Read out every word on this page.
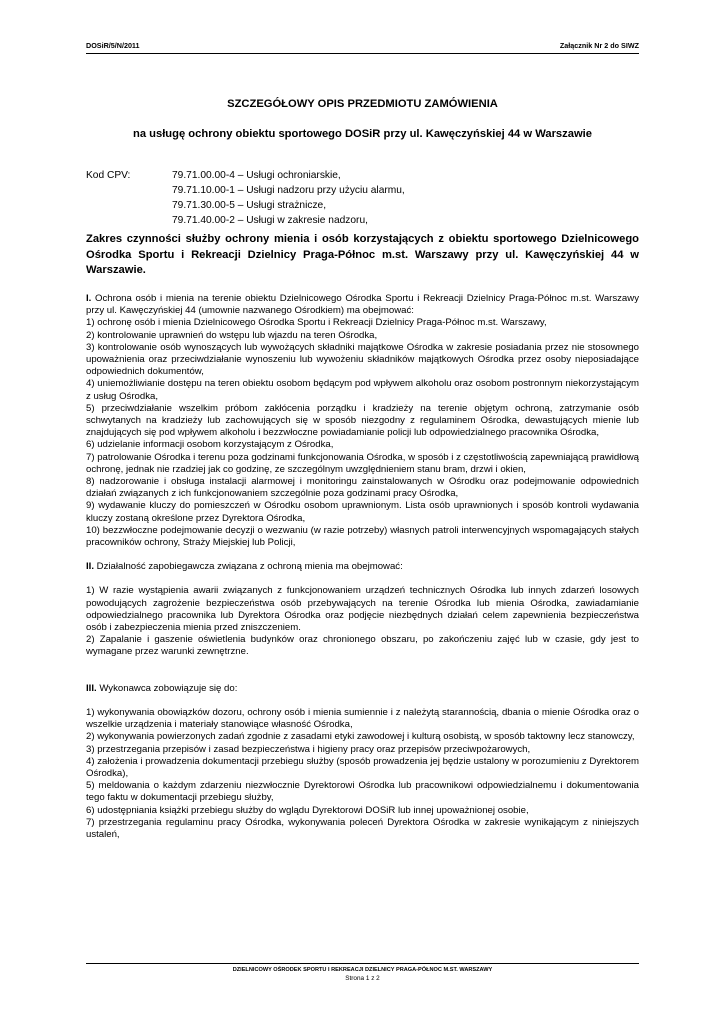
DOSiR/5/N/2011	Załącznik Nr 2 do SIWZ
SZCZEGÓŁOWY OPIS PRZEDMIOTU ZAMÓWIENIA
na usługę ochrony obiektu sportowego DOSiR przy ul. Kawęczyńskiej 44 w Warszawie
Kod CPV:	79.71.00.00-4 – Usługi ochroniarskie,
79.71.10.00-1 – Usługi nadzoru przy użyciu alarmu,
79.71.30.00-5 – Usługi strażnicze,
79.71.40.00-2 – Usługi w zakresie nadzoru,
Zakres czynności służby ochrony mienia i osób korzystających z obiektu sportowego Dzielnicowego Ośrodka Sportu i Rekreacji Dzielnicy Praga-Północ m.st. Warszawy przy ul. Kawęczyńskiej 44 w Warszawie.

I. Ochrona osób i mienia na terenie obiektu Dzielnicowego Ośrodka Sportu i Rekreacji Dzielnicy Praga-Północ m.st. Warszawy przy ul. Kawęczyńskiej 44 (umownie nazwanego Ośrodkiem) ma obejmować:

1) ochronę osób i mienia Dzielnicowego Ośrodka Sportu i Rekreacji Dzielnicy Praga-Północ m.st. Warszawy,

2) kontrolowanie uprawnień do wstępu lub wjazdu na teren Ośrodka,

3) kontrolowanie osób wynoszących lub wywożących składniki majątkowe Ośrodka w zakresie posiadania przez nie stosownego upoważnienia oraz przeciwdziałanie wynoszeniu lub wywożeniu składników majątkowych Ośrodka przez osoby nieposiadające odpowiednich dokumentów,

4) uniemożliwianie dostępu na teren obiektu osobom będącym pod wpływem alkoholu oraz osobom postronnym niekorzystającym z usług Ośrodka,

5) przeciwdziałanie wszelkim próbom zakłócenia porządku i kradzieży na terenie objętym ochroną, zatrzymanie osób schwytanych na kradzieży lub zachowujących się w sposób niezgodny z regulaminem Ośrodka, dewastujących mienie lub znajdujących się pod wpływem alkoholu i bezzwłoczne powiadamianie policji lub odpowiedzialnego pracownika Ośrodka,

6) udzielanie informacji osobom korzystającym z Ośrodka,

7) patrolowanie Ośrodka i terenu poza godzinami funkcjonowania Ośrodka, w sposób i z częstotliwością zapewniającą prawidłową ochronę, jednak nie rzadziej jak co godzinę, ze szczególnym uwzględnieniem stanu bram, drzwi i okien,

8) nadzorowanie i obsługa instalacji alarmowej i monitoringu zainstalowanych w Ośrodku oraz podejmowanie odpowiednich działań związanych z ich funkcjonowaniem szczególnie poza godzinami pracy Ośrodka,

9) wydawanie kluczy do pomieszczeń w Ośrodku osobom uprawnionym. Lista osób uprawnionych i sposób kontroli wydawania kluczy zostaną określone przez Dyrektora Ośrodka,

10) bezzwłoczne podejmowanie decyzji o wezwaniu (w razie potrzeby) własnych patroli interwencyjnych wspomagających stałych pracowników ochrony, Straży Miejskiej lub Policji,

II. Działalność zapobiegawcza związana z ochroną mienia ma obejmować:

1) W razie wystąpienia awarii związanych z funkcjonowaniem urządzeń technicznych Ośrodka lub innych zdarzeń losowych powodujących zagrożenie bezpieczeństwa osób przebywających na terenie Ośrodka lub mienia Ośrodka, zawiadamianie odpowiedzialnego pracownika lub Dyrektora Ośrodka oraz podjęcie niezbędnych działań celem zapewnienia bezpieczeństwa osób i zabezpieczenia mienia przed zniszczeniem.

2) Zapalanie i gaszenie oświetlenia budynków oraz chronionego obszaru, po zakończeniu zajęć lub w czasie, gdy jest to wymagane przez warunki zewnętrzne.

III. Wykonawca zobowiązuje się do:

1) wykonywania obowiązków dozoru, ochrony osób i mienia sumiennie i z należytą starannością, dbania o mienie Ośrodka oraz o wszelkie urządzenia i materiały stanowiące własność Ośrodka,

2) wykonywania powierzonych zadań zgodnie z zasadami etyki zawodowej i kulturą osobistą, w sposób taktowny lecz stanowczy,

3) przestrzegania przepisów i zasad bezpieczeństwa i higieny pracy oraz przepisów przeciwpożarowych,

4) założenia i prowadzenia dokumentacji przebiegu służby (sposób prowadzenia jej będzie ustalony w porozumieniu z Dyrektorem Ośrodka),

5) meldowania o każdym zdarzeniu niezwłocznie Dyrektorowi Ośrodka lub pracownikowi odpowiedzialnemu i dokumentowania tego faktu w dokumentacji przebiegu służby,

6) udostępniania książki przebiegu służby do wglądu Dyrektorowi DOSiR lub innej upoważnionej osobie,

7) przestrzegania regulaminu pracy Ośrodka, wykonywania poleceń Dyrektora Ośrodka w zakresie wynikającym z niniejszych ustaleń,

DZIELNICOWY OŚRODEK SPORTU I REKREACJI DZIELNICY PRAGA-PÓŁNOC M.ST. WARSZAWY
Strona 1 z 2
